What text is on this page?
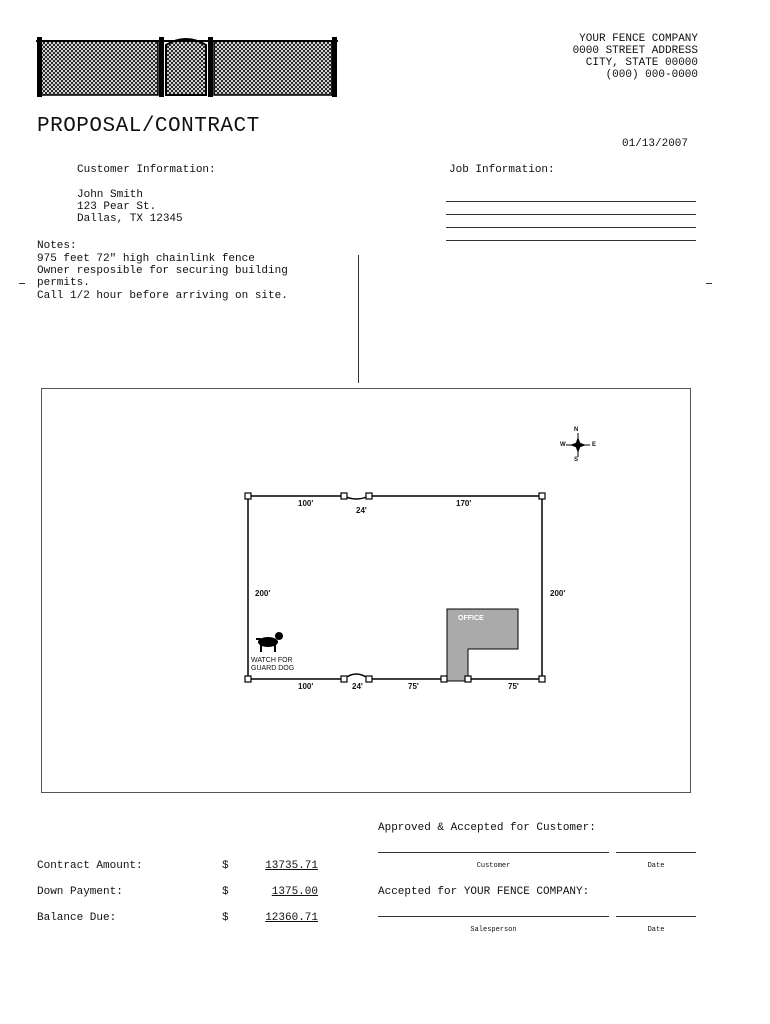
YOUR FENCE COMPANY
0000 STREET ADDRESS
CITY, STATE 00000
(000) 000-0000
PROPOSAL/CONTRACT
01/13/2007
Customer Information:
John Smith
123 Pear St.
Dallas, TX 12345
Job Information:
Notes:
975 feet 72" high chainlink fence
Owner resposible for securing building
permits.
Call 1/2 hour before arriving on site.
N
S
E
W
100'
24'
170'
200'	200'
OFFICE
WATCH FOR
GUARD DOG
100'	24'	75'	75'
Contract Amount:	$	13735.71
Down Payment:	$	1375.00
Balance Due:	$	12360.71
Approved & Accepted for Customer:
Customer	Date
Accepted for YOUR FENCE COMPANY:
Salesperson	Date
